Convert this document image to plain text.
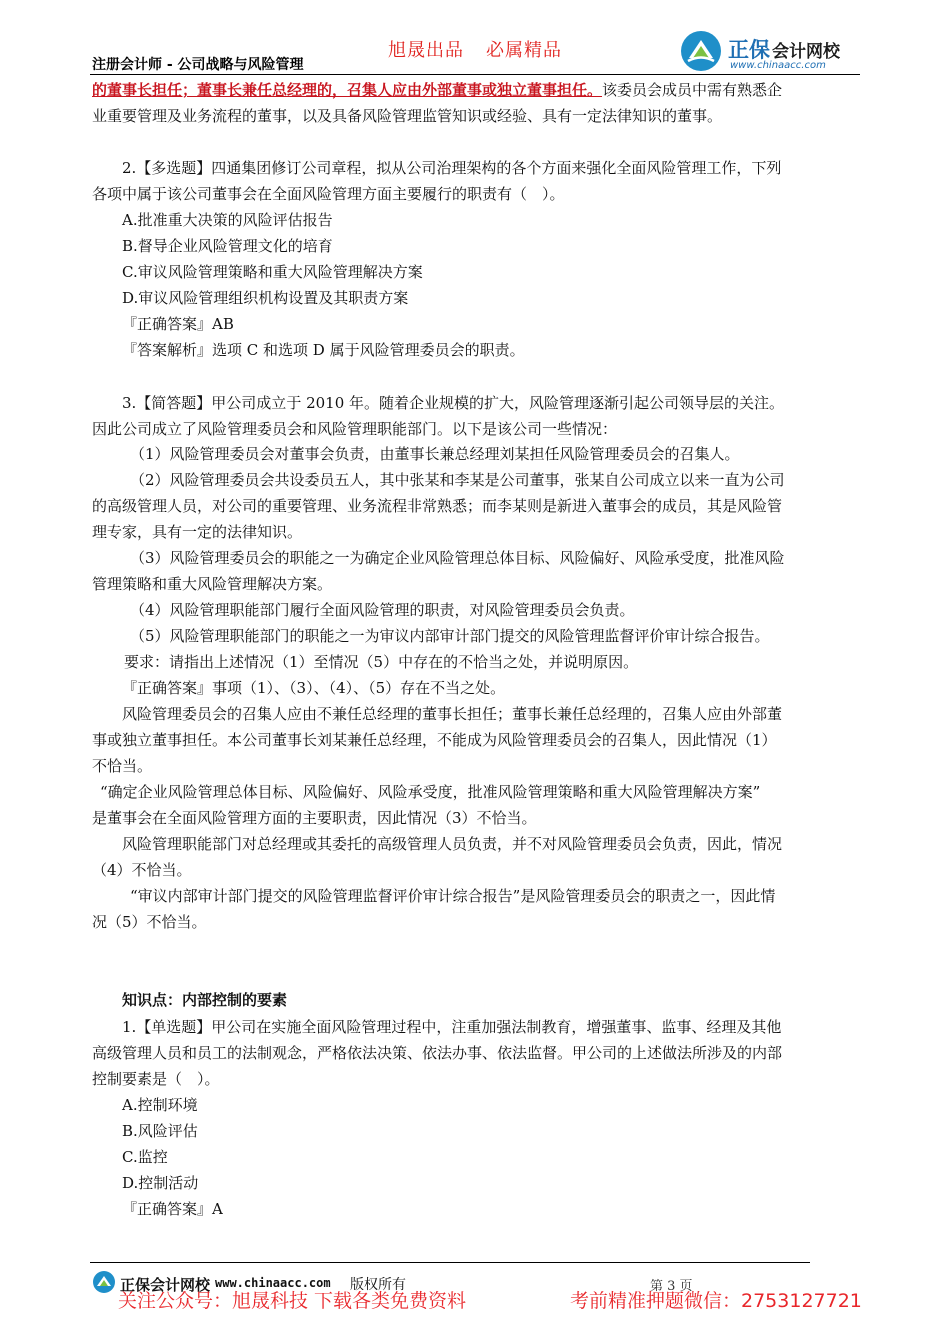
注册会计师 - 公司战略与风险管理
旭晟出品 必属精品	正保 会计网校
www.chinaacc.com
的董事长担任；董事长兼任总经理的，召集人应由外部董事或独立董事担任。该委员会成员中需有熟悉企
业重要管理及业务流程的董事，以及具备风险管理监管知识或经验、具有一定法律知识的董事。
2.【多选题】四通集团修订公司章程，拟从公司治理架构的各个方面来强化全面风险管理工作，下列
各项中属于该公司董事会在全面风险管理方面主要履行的职责有（　）。
A.批准重大决策的风险评估报告
B.督导企业风险管理文化的培育
C.审议风险管理策略和重大风险管理解决方案
D.审议风险管理组织机构设置及其职责方案
『正确答案』AB
『答案解析』选项 C 和选项 D 属于风险管理委员会的职责。
3.【简答题】甲公司成立于 2010 年。随着企业规模的扩大，风险管理逐渐引起公司领导层的关注。
因此公司成立了风险管理委员会和风险管理职能部门。以下是该公司一些情况：
（1）风险管理委员会对董事会负责，由董事长兼总经理刘某担任风险管理委员会的召集人。
（2）风险管理委员会共设委员五人，其中张某和李某是公司董事，张某自公司成立以来一直为公司
的高级管理人员，对公司的重要管理、业务流程非常熟悉；而李某则是新进入董事会的成员，其是风险管
理专家，具有一定的法律知识。
（3）风险管理委员会的职能之一为确定企业风险管理总体目标、风险偏好、风险承受度，批准风险
管理策略和重大风险管理解决方案。
（4）风险管理职能部门履行全面风险管理的职责，对风险管理委员会负责。
（5）风险管理职能部门的职能之一为审议内部审计部门提交的风险管理监督评价审计综合报告。
要求：请指出上述情况（1）至情况（5）中存在的不恰当之处，并说明原因。
『正确答案』事项（1）、（3）、（4）、（5）存在不当之处。
风险管理委员会的召集人应由不兼任总经理的董事长担任；董事长兼任总经理的，召集人应由外部董
事或独立董事担任。本公司董事长刘某兼任总经理，不能成为风险管理委员会的召集人，因此情况（1）
不恰当。
“确定企业风险管理总体目标、风险偏好、风险承受度，批准风险管理策略和重大风险管理解决方案”
是董事会在全面风险管理方面的主要职责，因此情况（3）不恰当。
风险管理职能部门对总经理或其委托的高级管理人员负责，并不对风险管理委员会负责，因此，情况
（4）不恰当。
“审议内部审计部门提交的风险管理监督评价审计综合报告”是风险管理委员会的职责之一，因此情
况（5）不恰当。
知识点：内部控制的要素
1.【单选题】甲公司在实施全面风险管理过程中，注重加强法制教育，增强董事、监事、经理及其他
高级管理人员和员工的法制观念，严格依法决策、依法办事、依法监督。甲公司的上述做法所涉及的内部
控制要素是（　）。
A.控制环境
B.风险评估
C.监控
D.控制活动
『正确答案』A
正保会计网校 www.chinaacc.com 版权所有	第 3 页
关注公众号：旭晟科技 下载各类免费资料	考前精准押题微信：2753127721
